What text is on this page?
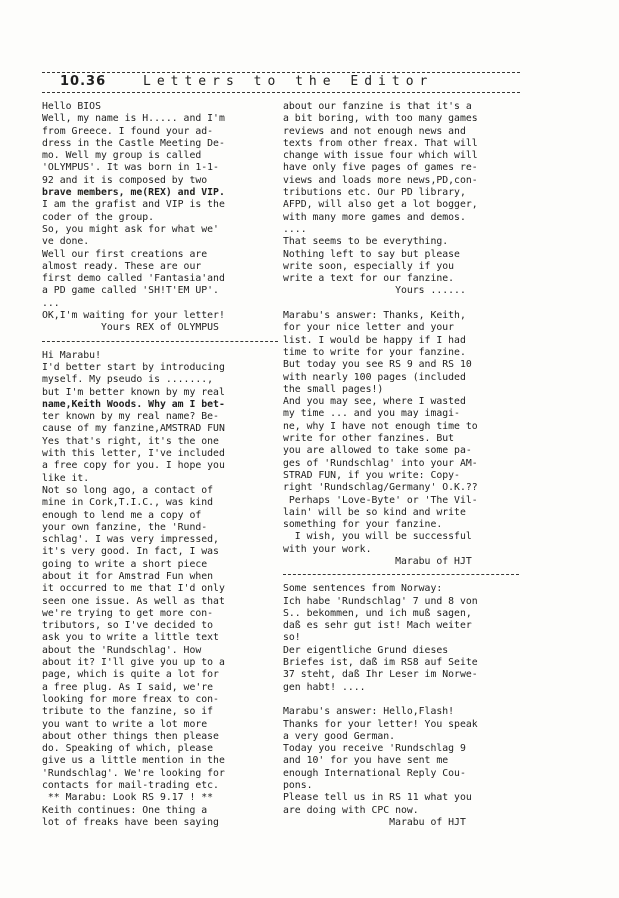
10.36	Letters to the Editor
Hello BIOS
Well, my name is H..... and I'm
from Greece. I found your ad-
dress in the Castle Meeting De-
mo. Well my group is called
'OLYMPUS'. It was born in 1-1-
92 and it is composed by two
brave members, me(REX) and VIP.
I am the grafist and VIP is the
coder of the group.
So, you might ask for what we'
ve done.
Well our first creations are
almost ready. These are our
first demo called 'Fantasia'and
a PD game called 'SH!T'EM UP'.
...
OK,I'm waiting for your letter!
Yours REX of OLYMPUS
Hi Marabu!
I'd better start by introducing
myself. My pseudo is .......,
but I'm better known by my real
name,Keith Woods. Why am I bet-
ter known by my real name? Be-
cause of my fanzine,AMSTRAD FUN
Yes that's right, it's the one
with this letter, I've included
a free copy for you. I hope you
like it.
Not so long ago, a contact of
mine in Cork,T.I.C., was kind
enough to lend me a copy of
your own fanzine, the 'Rund-
schlag'. I was very impressed,
it's very good. In fact, I was
going to write a short piece
about it for Amstrad Fun when
it occurred to me that I'd only
seen one issue. As well as that
we're trying to get more con-
tributors, so I've decided to
ask you to write a little text
about the 'Rundschlag'. How
about it? I'll give you up to a
page, which is quite a lot for
a free plug. As I said, we're
looking for more freax to con-
tribute to the fanzine, so if
you want to write a lot more
about other things then please
do. Speaking of which, please
give us a little mention in the
'Rundschlag'. We're looking for
contacts for mail-trading etc.
** Marabu: Look RS 9.17 ! **
Keith continues: One thing a
lot of freaks have been saying
about our fanzine is that it's a
a bit boring, with too many games
reviews and not enough news and
texts from other freax. That will
change with issue four which will
have only five pages of games re-
views and loads more news,PD,con-
tributions etc. Our PD library,
AFPD, will also get a lot bogger,
with many more games and demos.
....
That seems to be everything.
Nothing left to say but please
write soon, especially if you
write a text for our fanzine.
Yours ......
Marabu's answer: Thanks, Keith,
for your nice letter and your
list. I would be happy if I had
time to write for your fanzine.
But today you see RS 9 and RS 10
with nearly 100 pages (included
the small pages!)
And you may see, where I wasted
my time ... and you may imagi-
ne, why I have not enough time to
write for other fanzines. But
you are allowed to take some pa-
ges of 'Rundschlag' into your AM-
STRAD FUN, if you write: Copy-
right 'Rundschlag/Germany' O.K.??
Perhaps 'Love-Byte' or 'The Vil-
lain' will be so kind and write
something for your fanzine.
I wish, you will be successful
with your work.
Marabu of HJT
Some sentences from Norway:
Ich habe 'Rundschlag' 7 und 8 von
S.. bekommen, und ich muß sagen,
daß es sehr gut ist! Mach weiter
so!
Der eigentliche Grund dieses
Briefes ist, daß im RS8 auf Seite
37 steht, daß Ihr Leser im Norwe-
gen habt! ....
Marabu's answer: Hello,Flash!
Thanks for your letter! You speak
a very good German.
Today you receive 'Rundschlag 9
and 10' for you have sent me
enough International Reply Cou-
pons.
Please tell us in RS 11 what you
are doing with CPC now.
Marabu of HJT
